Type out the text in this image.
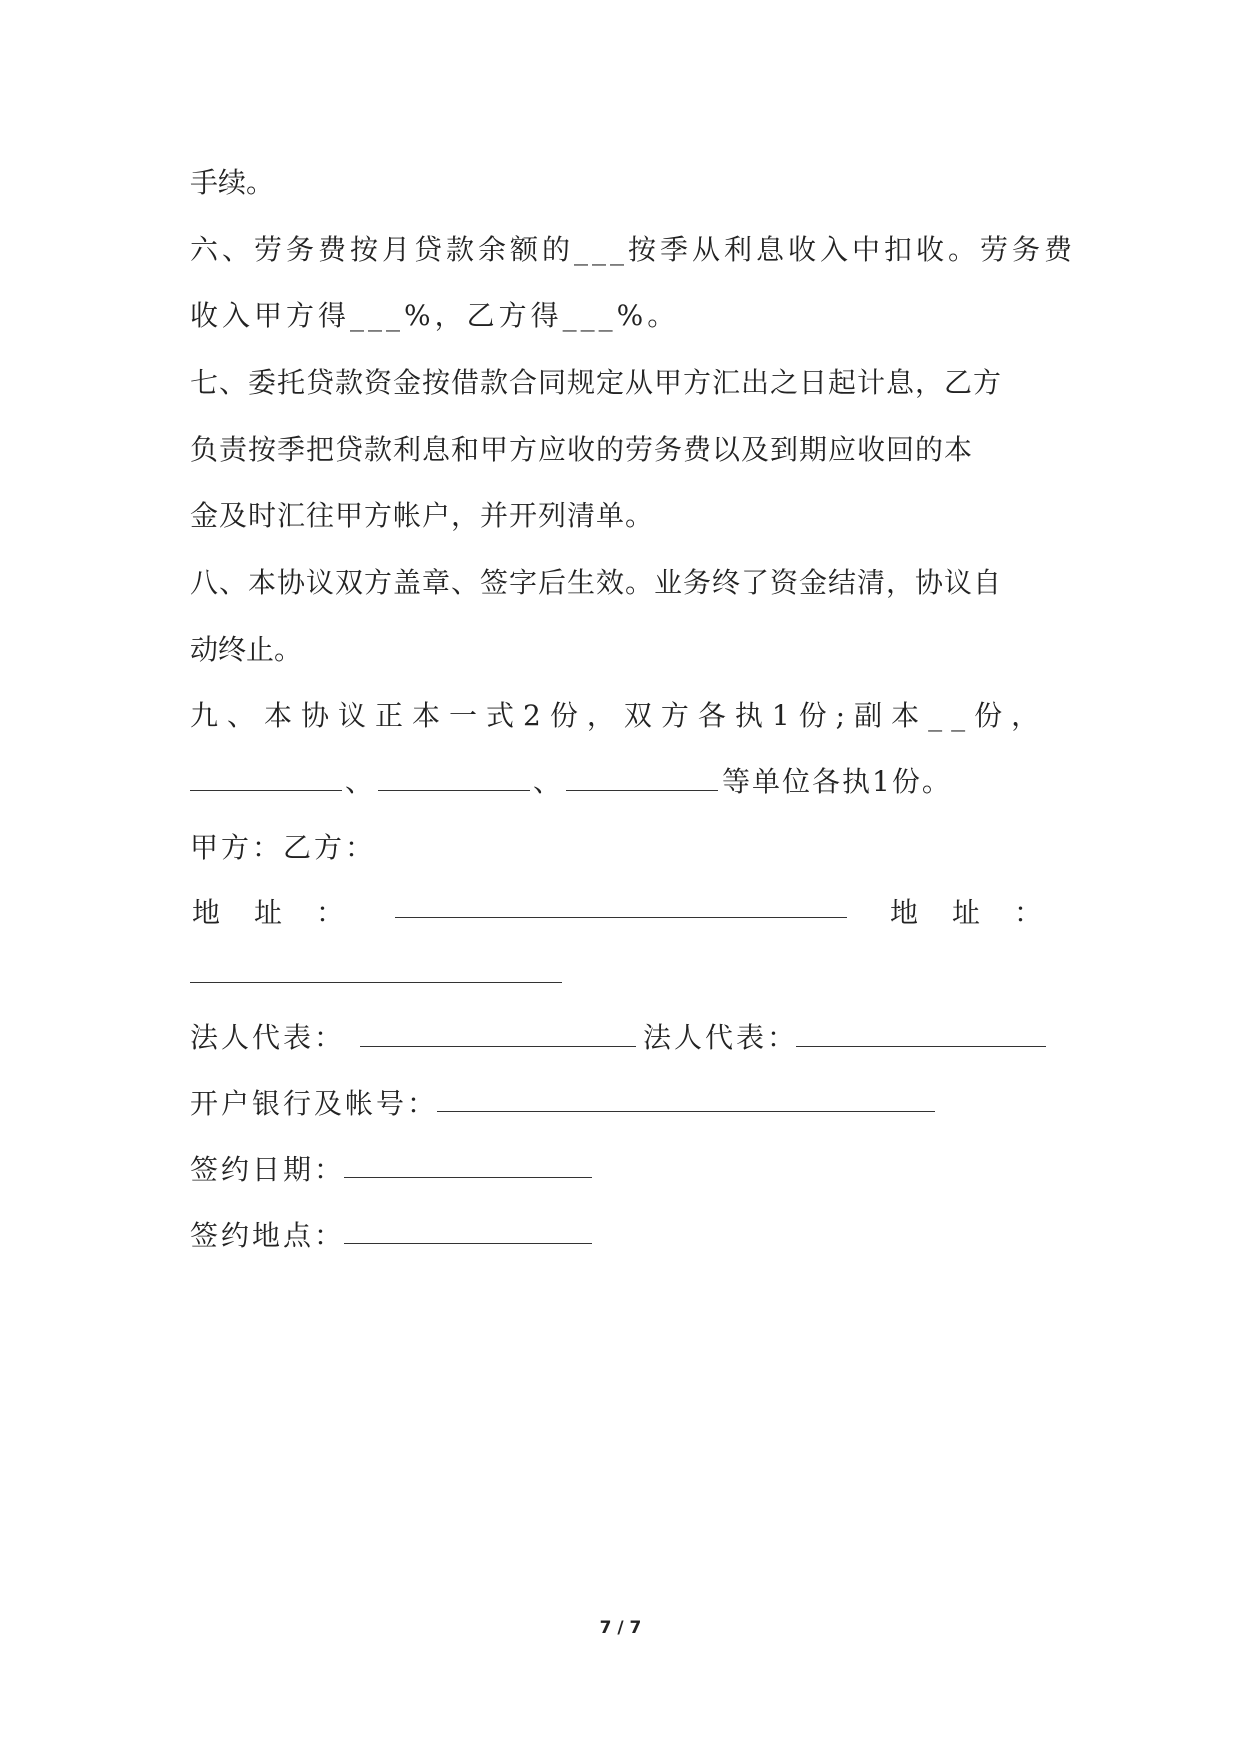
手续。
六、劳务费按月贷款余额的___按季从利息收入中扣收。劳务费
收入甲方得___%，乙方得___%。
七、委托贷款资金按借款合同规定从甲方汇出之日起计息，乙方
负责按季把贷款利息和甲方应收的劳务费以及到期应收回的本
金及时汇往甲方帐户，并开列清单。
八、本协议双方盖章、签字后生效。业务终了资金结清，协议自
动终止。
九、本协议正本一式2份，双方各执1份;副本__份，
、	、	等单位各执1份。
甲方：乙方：
地址：	地址：
法人代表：	法人代表：
开户银行及帐号：
签约日期：
签约地点：
7 / 7
